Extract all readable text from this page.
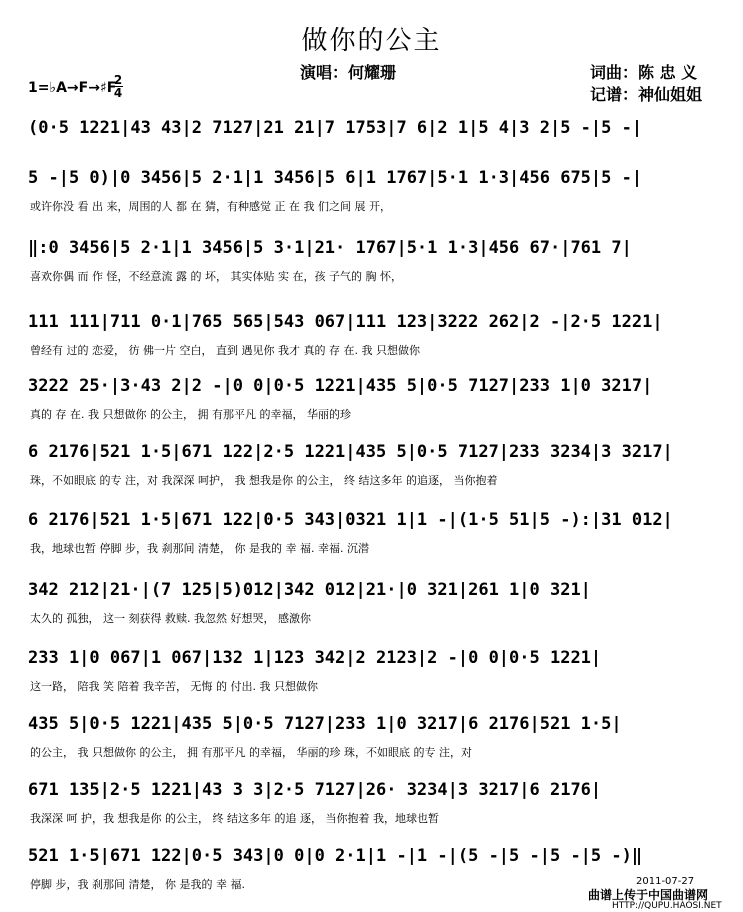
做你的公主
演唱：何耀珊	词曲：陈 忠 义
记谱：神仙姐姐
1=♭A→F→♯F
2
4
(0·5 1221|43 43|2 7127|21 21|7 1753|7 6|2 1|5 4|3 2|5 -|5 -|
5 -|5 0)|0 3456|5 2·1|1 3456|5 6|1 1767|5·1 1·3|456 675|5 -|
或许你没 看 出 来，周围的人 都 在 猜，有种感觉 正 在 我 们之间 展 开，
‖:0 3456|5 2·1|1 3456|5 3·1|21· 1767|5·1 1·3|456 67·|761 7|
喜欢你偶 而 作 怪，不经意流 露 的 坏， 其实体贴 实 在，孩 子气的 胸 怀，
111 111|711 0·1|765 565|543 067|111 123|3222 262|2 -|2·5 1221|
曾经有 过的 恋爱， 彷 佛一片 空白， 直到 遇见你 我才 真的 存 在. 我 只想做你
3222 25·|3·43 2|2 -|0 0|0·5 1221|435 5|0·5 7127|233 1|0 3217|
真的 存 在. 我 只想做你 的公主， 拥 有那平凡 的幸福， 华丽的珍
6 2176|521 1·5|671 122|2·5 1221|435 5|0·5 7127|233 3234|3 3217|
珠，不如眼底 的专 注，对 我深深 呵护， 我 想我是你 的公主， 终 结这多年 的追逐， 当你抱着
6 2176|521 1·5|671 122|0·5 343|0321 1|1 -|(1·5 51|5 -):|31 012|
我，地球也暂 停脚 步，我 刹那间 清楚， 你 是我的 幸 福. 幸福. 沉潜
342 212|21·|(7 125|5)012|342 012|21·|0 321|261 1|0 321|
太久的 孤独， 这一 刻获得 救赎. 我忽然 好想哭， 感激你
233 1|0 067|1 067|132 1|123 342|2 2123|2 -|0 0|0·5 1221|
这一路， 陪我 笑 陪着 我辛苦， 无悔 的 付出. 我 只想做你
435 5|0·5 1221|435 5|0·5 7127|233 1|0 3217|6 2176|521 1·5|
的公主， 我 只想做你 的公主， 拥 有那平凡 的幸福， 华丽的珍 珠，不如眼底 的专 注，对
671 135|2·5 1221|43 3 3|2·5 7127|26· 3234|3 3217|6 2176|
我深深 呵 护，我 想我是你 的公主， 终 结这多年 的追 逐， 当你抱着 我，地球也暂
521 1·5|671 122|0·5 343|0 0|0 2·1|1 -|1 -|(5 -|5 -|5 -|5 -)‖
停脚 步，我 刹那间 清楚， 你 是我的 幸 福.	2011-07-27
曲谱上传于中国曲谱网
HTTP://QUPU.HAOSI.NET
